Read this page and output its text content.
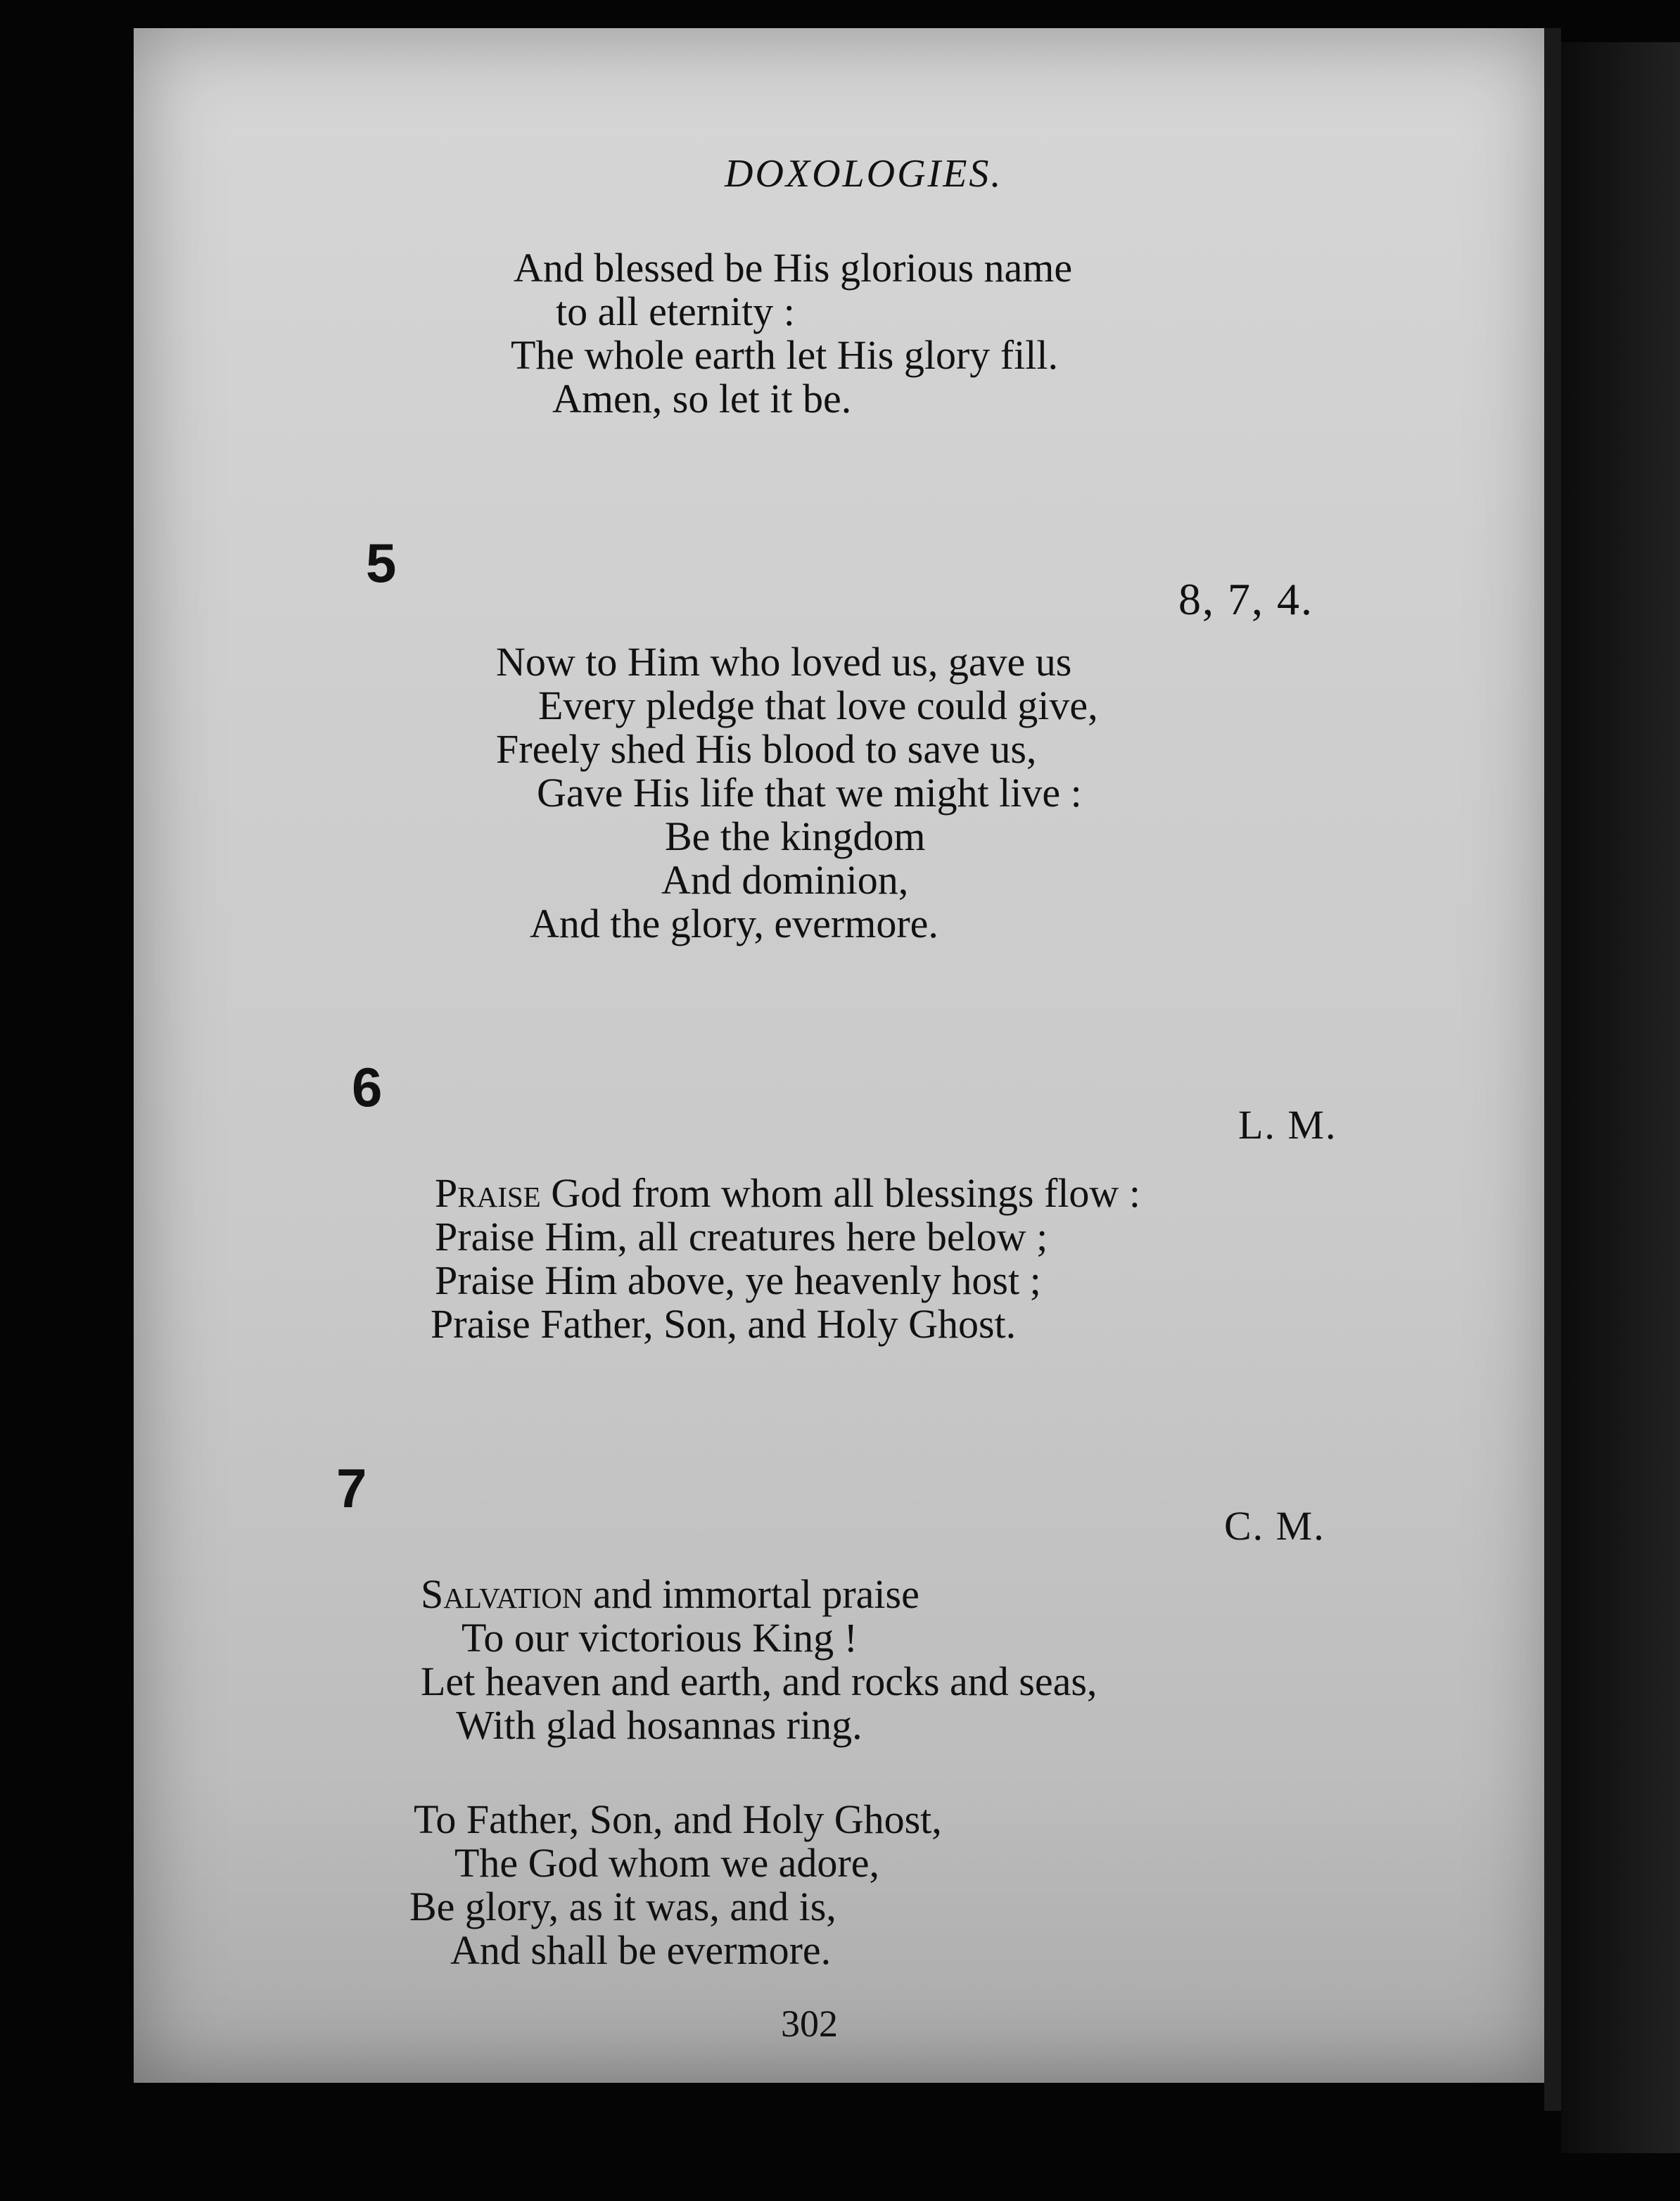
DOXOLOGIES.
And blessed be His glorious name
to all eternity :
The whole earth let His glory fill.
Amen, so let it be.
5
8, 7, 4.
Now to Him who loved us, gave us
Every pledge that love could give,
Freely shed His blood to save us,
Gave His life that we might live :
Be the kingdom
And dominion,
And the glory, evermore.
6
L. M.
Praise God from whom all blessings flow :
Praise Him, all creatures here below ;
Praise Him above, ye heavenly host ;
Praise Father, Son, and Holy Ghost.
7
C. M.
Salvation and immortal praise
To our victorious King !
Let heaven and earth, and rocks and seas,
With glad hosannas ring.
To Father, Son, and Holy Ghost,
The God whom we adore,
Be glory, as it was, and is,
And shall be evermore.
302
